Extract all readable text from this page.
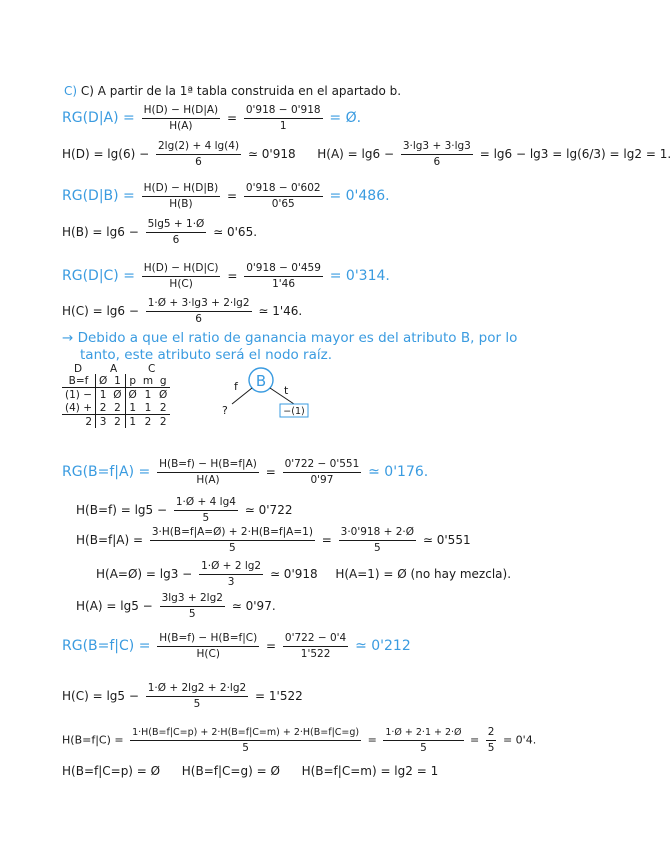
C) C) A partir de la 1ª tabla construida en el apartado b.
$RG(D|A) = \frac{H(D) - H(D|A)}{H(A)} = \frac{0'918 - 0'918}{1}$ = Ø.
$H(D) = \lg(6) - \frac{2\lg(2) + 4 \lg(4)}{6}$ ≃ 0'918 $H(A) = \lg 6 - \frac{3\cdot\lg 3 + 3\cdot\lg 3}{6} = \lg 6 - \lg 3 = \lg(6/3) = \lg 2 = 1$.
$RG(D|B) = \frac{H(D) - H(D|B)}{H(B)} = \frac{0'918 - 0'602}{0'65} = 0'486$.
$H(B) = \lg 6 - \frac{5\lg 5 + 1\cdot Ø}{6}$ ≃ 0'65.
$RG(D|C) = \frac{H(D) - H(D|C)}{H(C)} = \frac{0'918 - 0'459}{1'46} = 0'314$.
$H(C) = \lg 6 - \frac{1\cdot Ø + 3\cdot\lg 3 + 2\cdot\lg 2}{6}$ ≃ 1'46.
→ Debido a que el ratio de ganancia mayor es del atributo B, por lo
tanto, este atributo será el nodo raíz.
D	A	C
B=f	Ø	1	p	m	g
(1) −	1	Ø	Ø	1	Ø
(4) +	2	2	1	1	2
2	3	2	1	2	2
B
f	t
?	−(1)
$RG(B=f|A) = \frac{H(B=f) - H(B=f|A)}{H(A)} = \frac{0'722 - 0'551}{0'97}$ ≃ 0'176.
$H(B=f) = \lg 5 - \frac{1\cdot Ø + 4 \lg 4}{5}$ ≃ 0'722
$H(B=f|A) = \frac{3\cdot H(B=f|A=Ø) + 2\cdot H(B=f|A=1)}{5} = \frac{3\cdot 0'918 + 2\cdot Ø}{5}$ ≃ 0'551
H(A=Ø) = $\lg 3 - \frac{1\cdot Ø + 2 \lg 2}{3}$ ≃ 0'918 H(A=1) = Ø (no hay mezcla).
$H(A) = \lg 5 - \frac{3\lg 3 + 2\lg 2}{5}$ ≃ 0'97.
$RG(B=f|C) = \frac{H(B=f) - H(B=f|C)}{H(C)} = \frac{0'722 - 0'4}{1'522}$ ≃ 0'212
$H(C) = \lg 5 - \frac{1\cdot Ø + 2\lg 2 + 2\cdot\lg 2}{5} = 1'522$
$H(B=f|C) = \frac{1\cdot H(B=f|C=p) + 2\cdot H(B=f|C=m) + 2\cdot H(B=f|C=g)}{5} = \frac{1\cdot Ø + 2\cdot 1 + 2\cdot Ø}{5} = \frac{2}{5} = 0'4$.
H(B=f|C=p) = Ø H(B=f|C=g) = Ø H(B=f|C=m) = lg2 = 1
